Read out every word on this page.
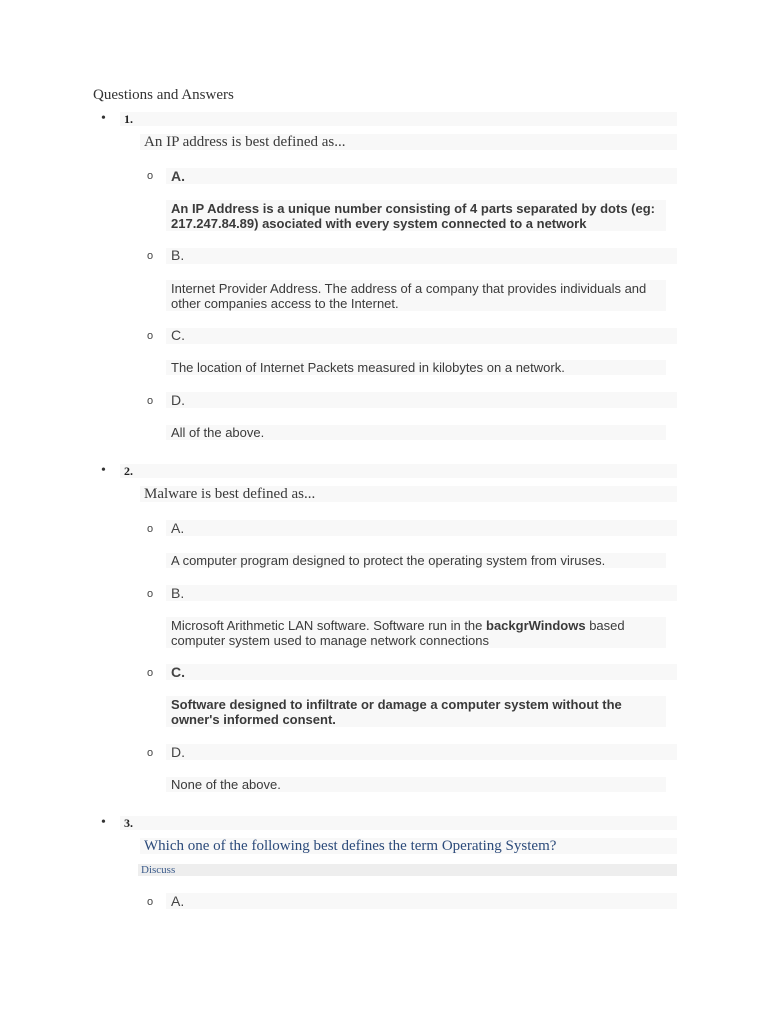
Questions and Answers
• 1.
An IP address is best defined as...
o A.
An IP Address is a unique number consisting of 4 parts separated by dots (eg: 217.247.84.89) asociated with every system connected to a network
o B.
Internet Provider Address. The address of a company that provides individuals and other companies access to the Internet.
o C.
The location of Internet Packets measured in kilobytes on a network.
o D.
All of the above.
• 2.
Malware is best defined as...
o A.
A computer program designed to protect the operating system from viruses.
o B.
Microsoft Arithmetic LAN software. Software run in the backgrWindows based computer system used to manage network connections
o C.
Software designed to infiltrate or damage a computer system without the owner's informed consent.
o D.
None of the above.
• 3.
Which one of the following best defines the term Operating System?
Discuss
o A.
